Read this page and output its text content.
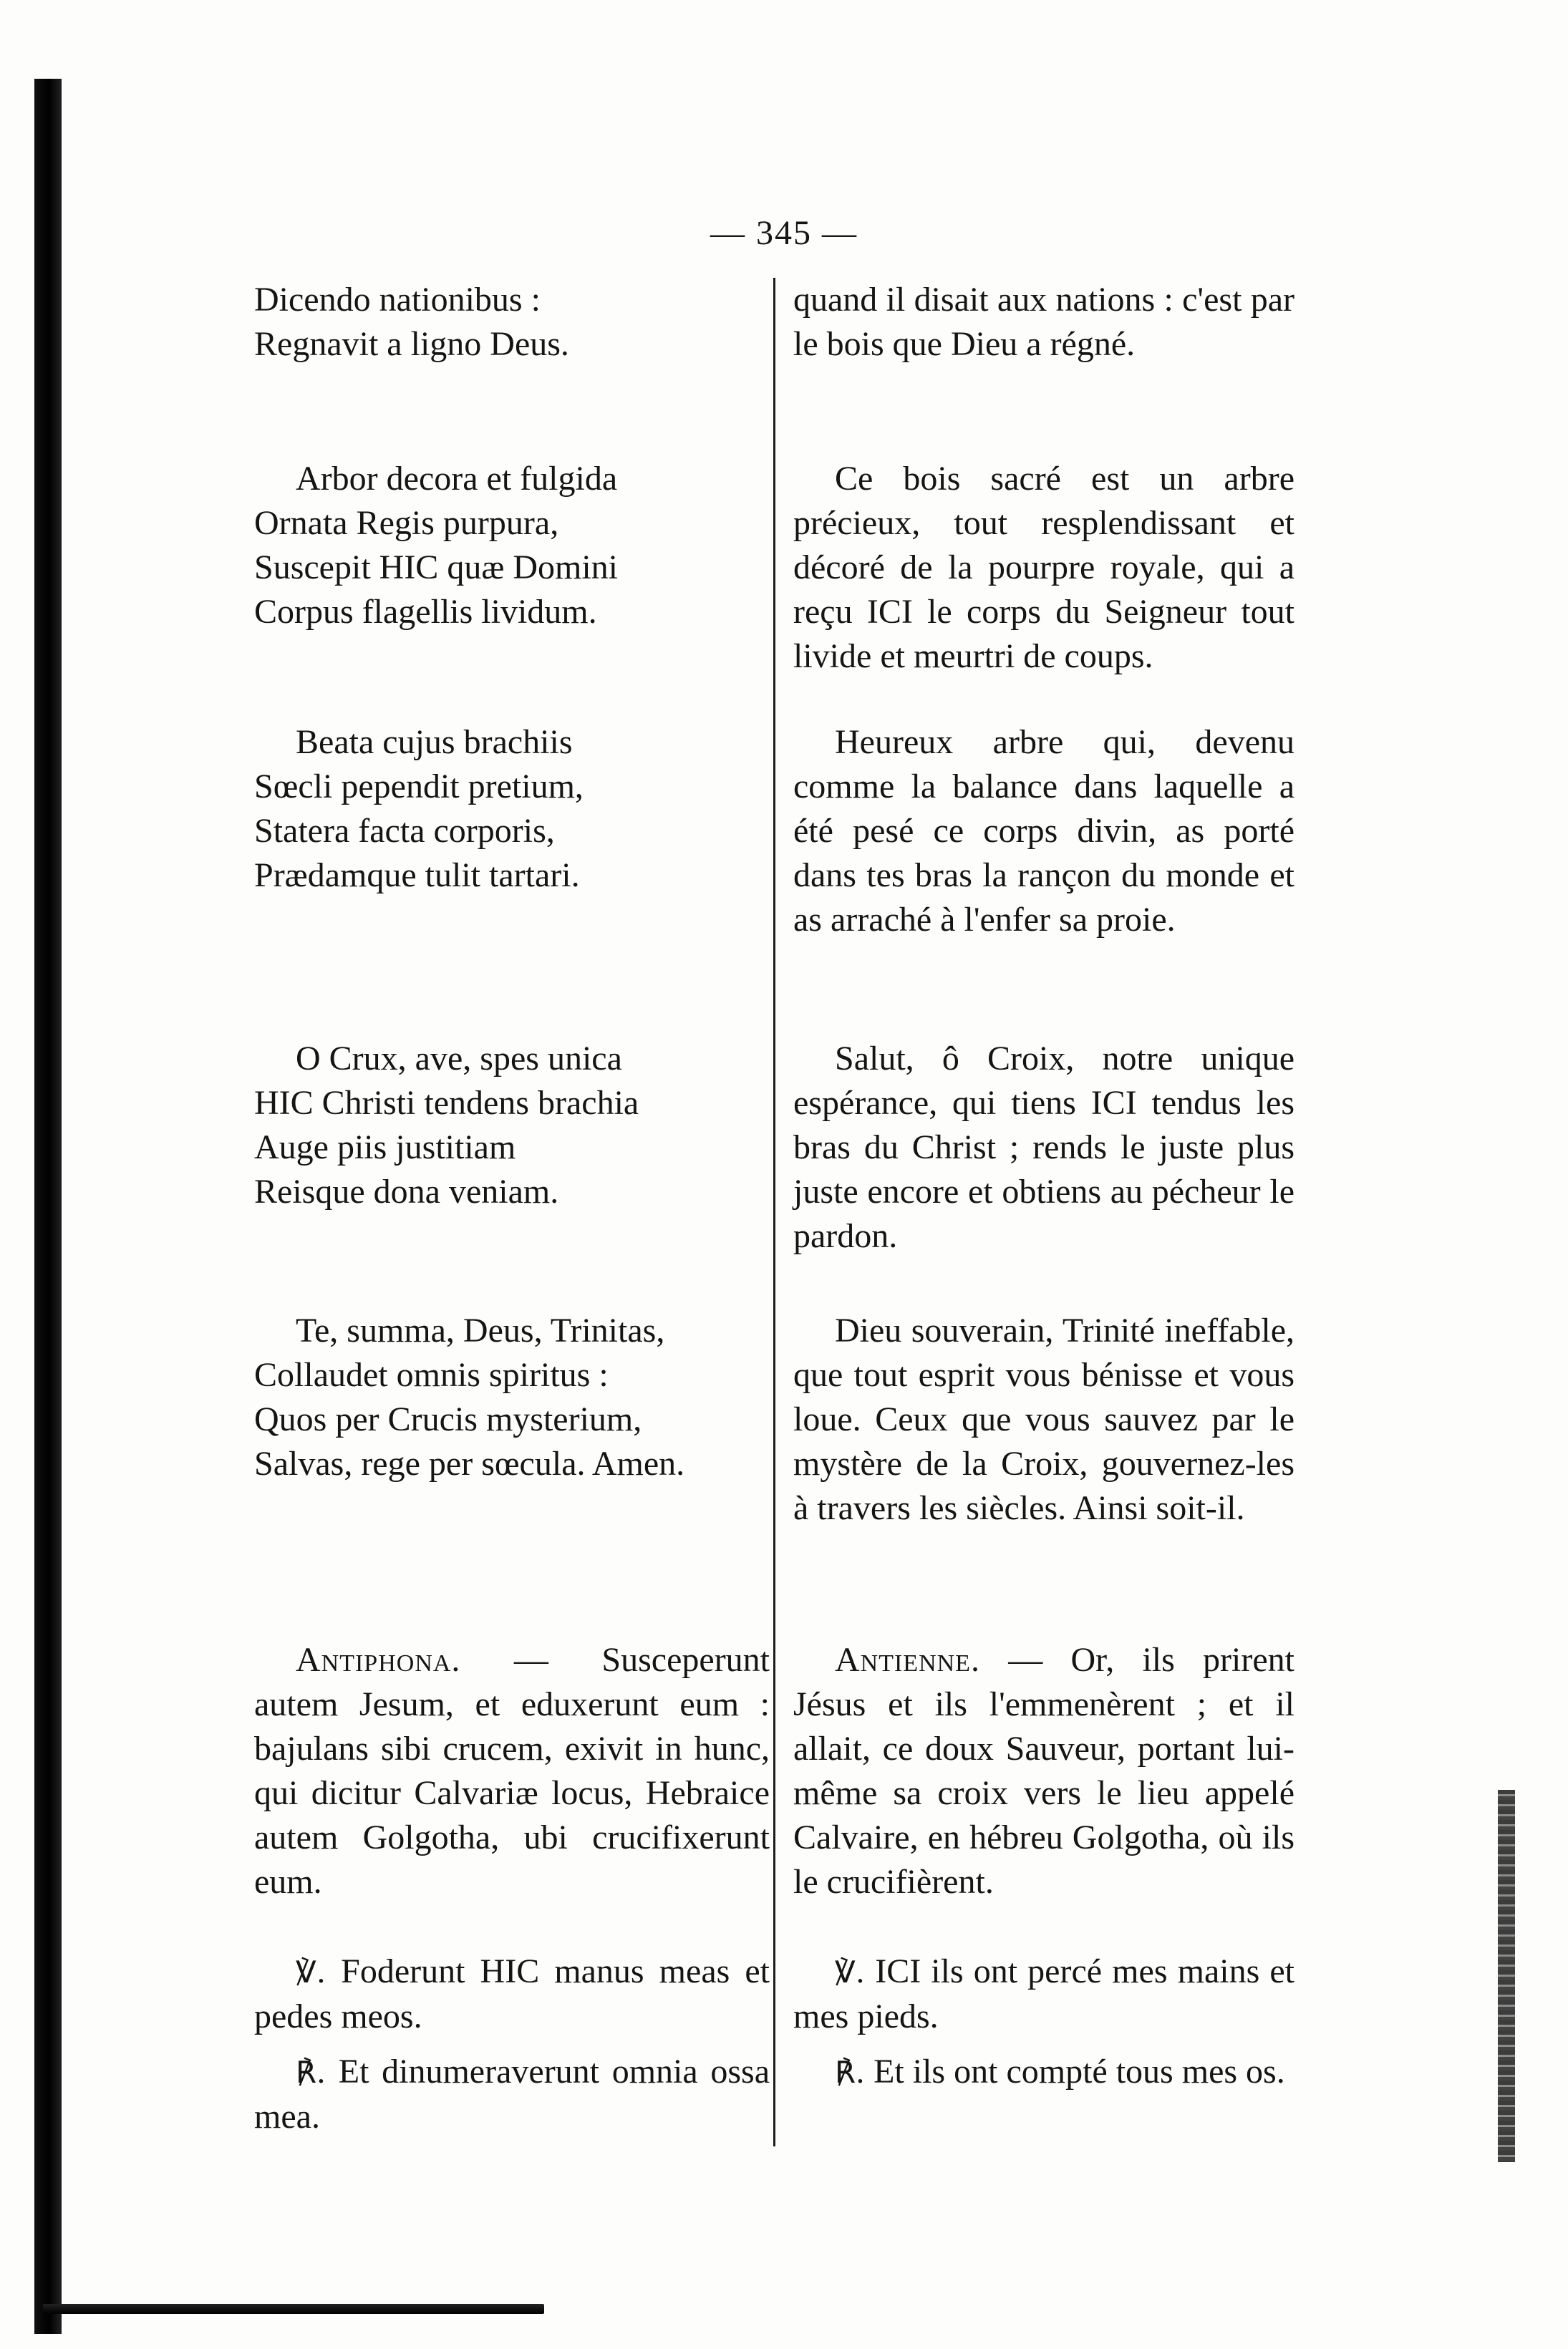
— 345 —
Dicendo nationibus :
Regnavit a ligno Deus.
Arbor decora et fulgida
Ornata Regis purpura,
Suscepit HIC quæ Domini
Corpus flagellis lividum.
Beata cujus brachiis
Sœcli pependit pretium,
Statera facta corporis,
Prædamque tulit tartari.
O Crux, ave, spes unica
HIC Christi tendens brachia
Auge piis justitiam
Reisque dona veniam.
Te, summa, Deus, Trinitas,
Collaudet omnis spiritus :
Quos per Crucis mysterium,
Salvas, rege per sœcula. Amen.
Antiphona. — Susceperunt autem Jesum, et eduxerunt eum : bajulans sibi crucem, exivit in hunc, qui dicitur Calvariæ locus, Hebraice autem Golgotha, ubi crucifixerunt eum.
℣. Foderunt HIC manus meas et pedes meos.
℟. Et dinumeraverunt omnia ossa mea.
quand il disait aux nations : c'est par le bois que Dieu a régné.
Ce bois sacré est un arbre précieux, tout resplendissant et décoré de la pourpre royale, qui a reçu ICI le corps du Seigneur tout livide et meurtri de coups.
Heureux arbre qui, devenu comme la balance dans laquelle a été pesé ce corps divin, as porté dans tes bras la rançon du monde et as arraché à l'enfer sa proie.
Salut, ô Croix, notre unique espérance, qui tiens ICI tendus les bras du Christ ; rends le juste plus juste encore et obtiens au pécheur le pardon.
Dieu souverain, Trinité ineffable, que tout esprit vous bénisse et vous loue. Ceux que vous sauvez par le mystère de la Croix, gouvernez-les à travers les siècles. Ainsi soit-il.
Antienne. — Or, ils prirent Jésus et ils l'emmenèrent ; et il allait, ce doux Sauveur, portant lui-même sa croix vers le lieu appelé Calvaire, en hébreu Golgotha, où ils le crucifièrent.
℣. ICI ils ont percé mes mains et mes pieds.
℟. Et ils ont compté tous mes os.
